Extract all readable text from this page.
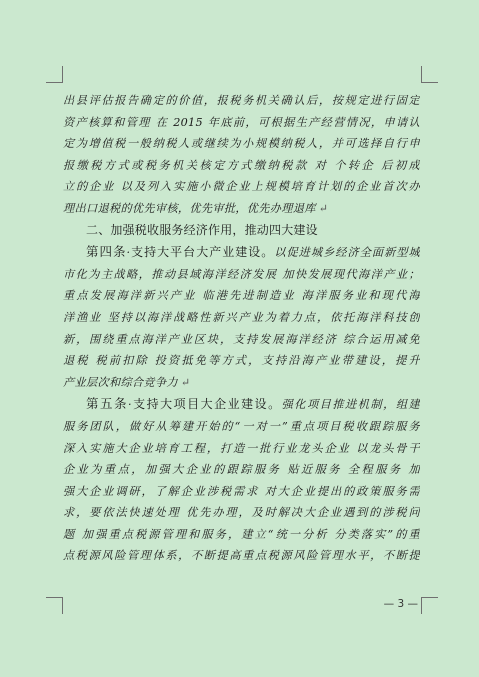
出县评估报告确定的价值，报税务机关确认后，按规定进行固定
资产核算和管理 在 2015 年底前，可根据生产经营情况，申请认
定为增值税一般纳税人或继续为小规模纳税人，并可选择自行申
报缴税方式或税务机关核定方式缴纳税款 对 个转企 后初成
立的企业 以及列入实施小微企业上规模培育计划的企业首次办
理出口退税的优先审核，优先审批，优先办理退库 ↵
二、加强税收服务经济作用，推动四大建设
第四条·支持大平台大产业建设。以促进城乡经济全面新型城
市化为主战略，推动县域海洋经济发展 加快发展现代海洋产业；
重点发展海洋新兴产业 临港先进制造业 海洋服务业和现代海
洋渔业 坚持以海洋战略性新兴产业为着力点，依托海洋科技创
新，围绕重点海洋产业区块，支持发展海洋经济 综合运用减免
退税 税前扣除 投资抵免等方式，支持沿海产业带建设，提升
产业层次和综合竞争力 ↵
第五条·支持大项目大企业建设。强化项目推进机制，组建
服务团队，做好从筹建开始的“一对一”重点项目税收跟踪服务
深入实施大企业培育工程，打造一批行业龙头企业 以龙头骨干
企业为重点，加强大企业的跟踪服务 贴近服务 全程服务 加
强大企业调研，了解企业涉税需求 对大企业提出的政策服务需
求，要依法快速处理 优先办理，及时解决大企业遇到的涉税问
题 加强重点税源管理和服务，建立“统一分析 分类落实”的重
点税源风险管理体系，不断提高重点税源风险管理水平，不断提
— 3 —
